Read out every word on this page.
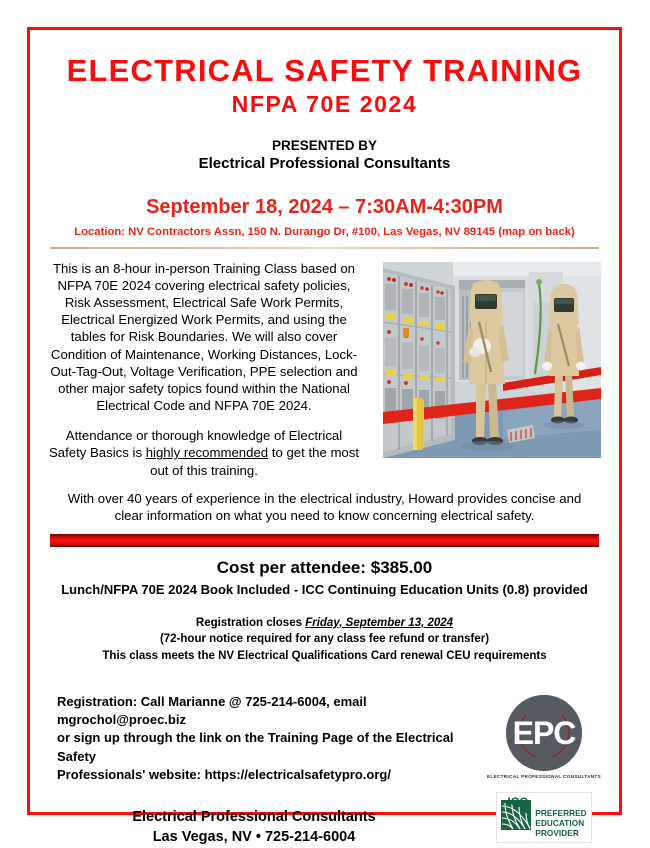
ELECTRICAL SAFETY TRAINING
NFPA 70E 2024
PRESENTED BY
Electrical Professional Consultants
September 18, 2024 – 7:30AM-4:30PM
Location: NV Contractors Assn, 150 N. Durango Dr, #100, Las Vegas, NV 89145 (map on back)

This is an 8-hour in-person Training Class based on NFPA 70E 2024 covering electrical safety policies, Risk Assessment, Electrical Safe Work Permits, Electrical Energized Work Permits, and using the tables for Risk Boundaries. We will also cover Condition of Maintenance, Working Distances, Lock-Out-Tag-Out, Voltage Verification, PPE selection and other major safety topics found within the National Electrical Code and NFPA 70E 2024.

Attendance or thorough knowledge of Electrical Safety Basics is highly recommended to get the most out of this training.

With over 40 years of experience in the electrical industry, Howard provides concise and clear information on what you need to know concerning electrical safety.

Cost per attendee: $385.00
Lunch/NFPA 70E 2024 Book Included - ICC Continuing Education Units (0.8) provided
Registration closes Friday, September 13, 2024
(72-hour notice required for any class fee refund or transfer)
This class meets the NV Electrical Qualifications Card renewal CEU requirements
Registration: Call Marianne @ 725-214-6004, email mgrochol@proec.biz
or sign up through the link on the Training Page of the Electrical Safety
Professionals' website: https://electricalsafetypro.org/
Electrical Professional Consultants
Las Vegas, NV • 725-214-6004
EPC
ELECTRICAL PROFESSIONAL CONSULTANTS
ICC
PREFERRED
EDUCATION
PROVIDER
